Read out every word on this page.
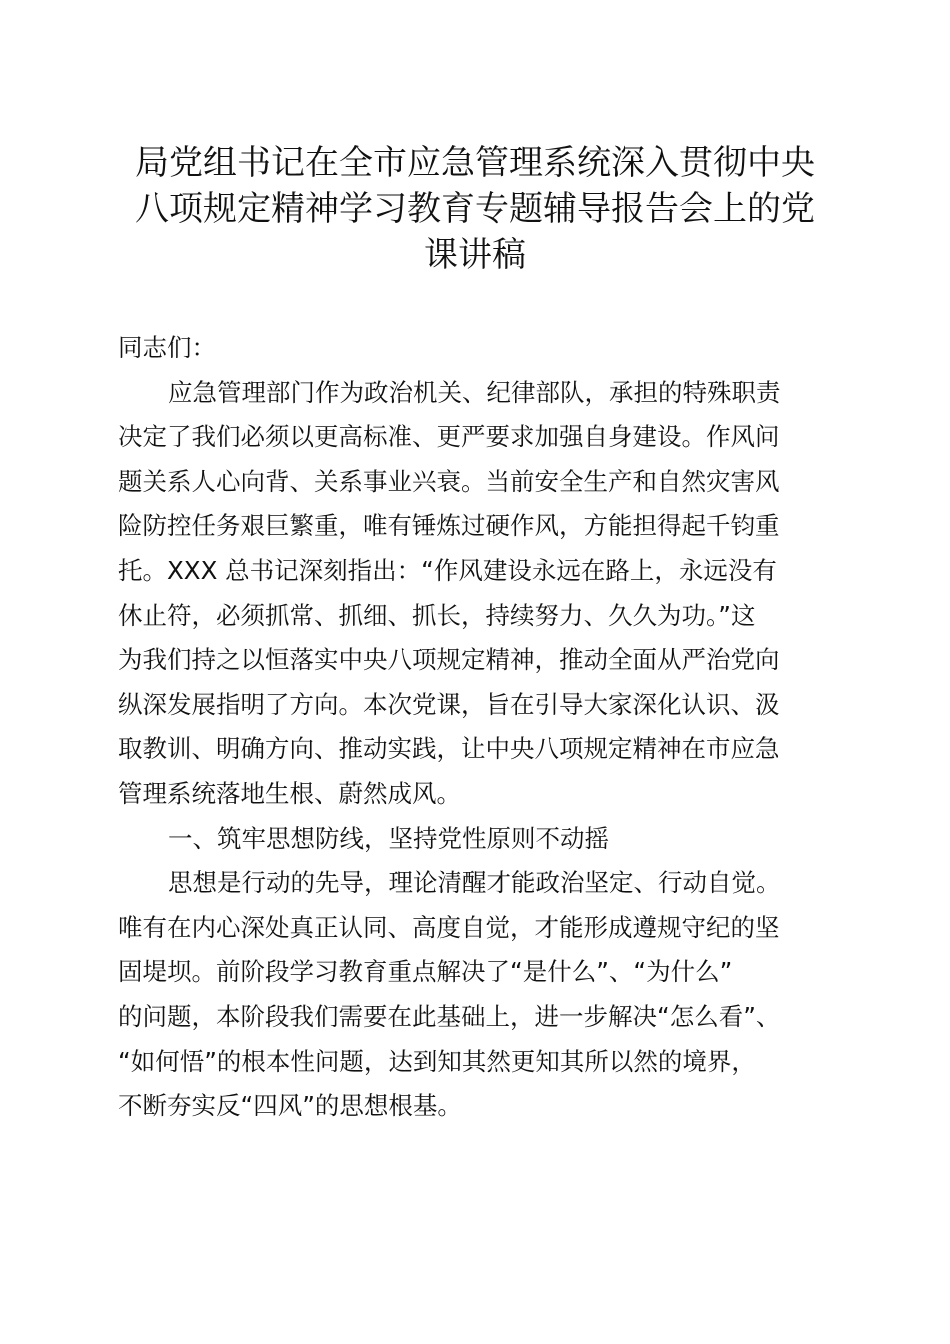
局党组书记在全市应急管理系统深入贯彻中央
八项规定精神学习教育专题辅导报告会上的党
课讲稿
同志们：
应急管理部门作为政治机关、纪律部队，承担的特殊职责
决定了我们必须以更高标准、更严要求加强自身建设。作风问
题关系人心向背、关系事业兴衰。当前安全生产和自然灾害风
险防控任务艰巨繁重，唯有锤炼过硬作风，方能担得起千钧重
托。XXX 总书记深刻指出：“作风建设永远在路上，永远没有
休止符，必须抓常、抓细、抓长，持续努力、久久为功。”这
为我们持之以恒落实中央八项规定精神，推动全面从严治党向
纵深发展指明了方向。本次党课，旨在引导大家深化认识、汲
取教训、明确方向、推动实践，让中央八项规定精神在市应急
管理系统落地生根、蔚然成风。
一、筑牢思想防线，坚持党性原则不动摇
思想是行动的先导，理论清醒才能政治坚定、行动自觉。
唯有在内心深处真正认同、高度自觉，才能形成遵规守纪的坚
固堤坝。前阶段学习教育重点解决了“是什么”、“为什么”
的问题，本阶段我们需要在此基础上，进一步解决“怎么看”、
“如何悟”的根本性问题，达到知其然更知其所以然的境界，
不断夯实反“四风”的思想根基。
